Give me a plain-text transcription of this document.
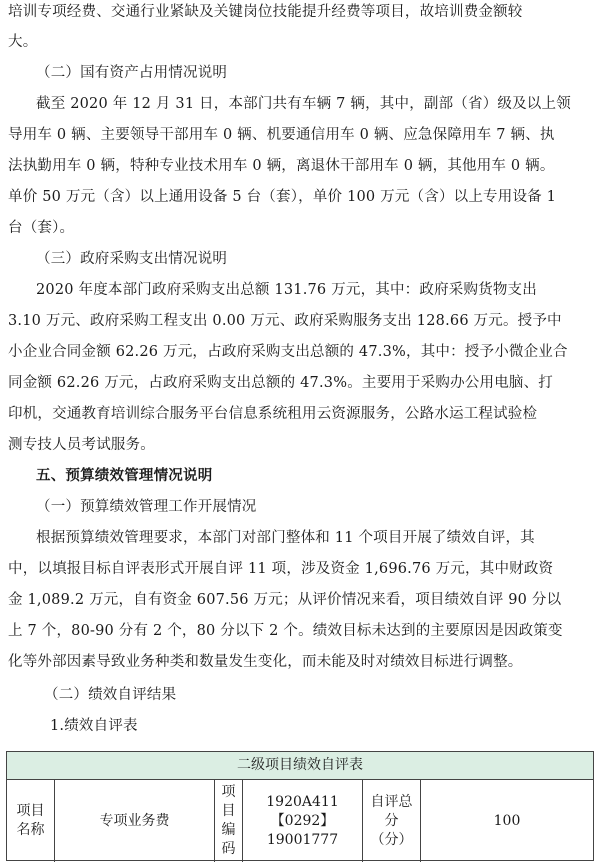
培训专项经费、交通行业紧缺及关键岗位技能提升经费等项目，故培训费金额较
大。
（二）国有资产占用情况说明
截至 2020 年 12 月 31 日，本部门共有车辆 7 辆，其中，副部（省）级及以上领
导用车 0 辆、主要领导干部用车 0 辆、机要通信用车 0 辆、应急保障用车 7 辆、执
法执勤用车 0 辆，特种专业技术用车 0 辆，离退休干部用车 0 辆，其他用车 0 辆。
单价 50 万元（含）以上通用设备 5 台（套），单价 100 万元（含）以上专用设备 1
台（套）。
（三）政府采购支出情况说明
2020 年度本部门政府采购支出总额 131.76 万元，其中：政府采购货物支出
3.10 万元、政府采购工程支出 0.00 万元、政府采购服务支出 128.66 万元。授予中
小企业合同金额 62.26 万元，占政府采购支出总额的 47.3%，其中：授予小微企业合
同金额 62.26 万元，占政府采购支出总额的 47.3%。主要用于采购办公用电脑、打
印机，交通教育培训综合服务平台信息系统租用云资源服务，公路水运工程试验检
测专技人员考试服务。
五、预算绩效管理情况说明
（一）预算绩效管理工作开展情况
根据预算绩效管理要求，本部门对部门整体和 11 个项目开展了绩效自评，其
中，以填报目标自评表形式开展自评 11 项，涉及资金 1,696.76 万元，其中财政资
金 1,089.2 万元，自有资金 607.56 万元；从评价情况来看，项目绩效自评 90 分以
上 7 个，80-90 分有 2 个，80 分以下 2 个。绩效目标未达到的主要原因是因政策变
化等外部因素导致业务种类和数量发生变化，而未能及时对绩效目标进行调整。
（二）绩效自评结果
1.绩效自评表
二级项目绩效自评表
项目
名称
专项业务费
项
目
编
码
1920A411
【0292】
19001777
自评总
分
（分）
100
